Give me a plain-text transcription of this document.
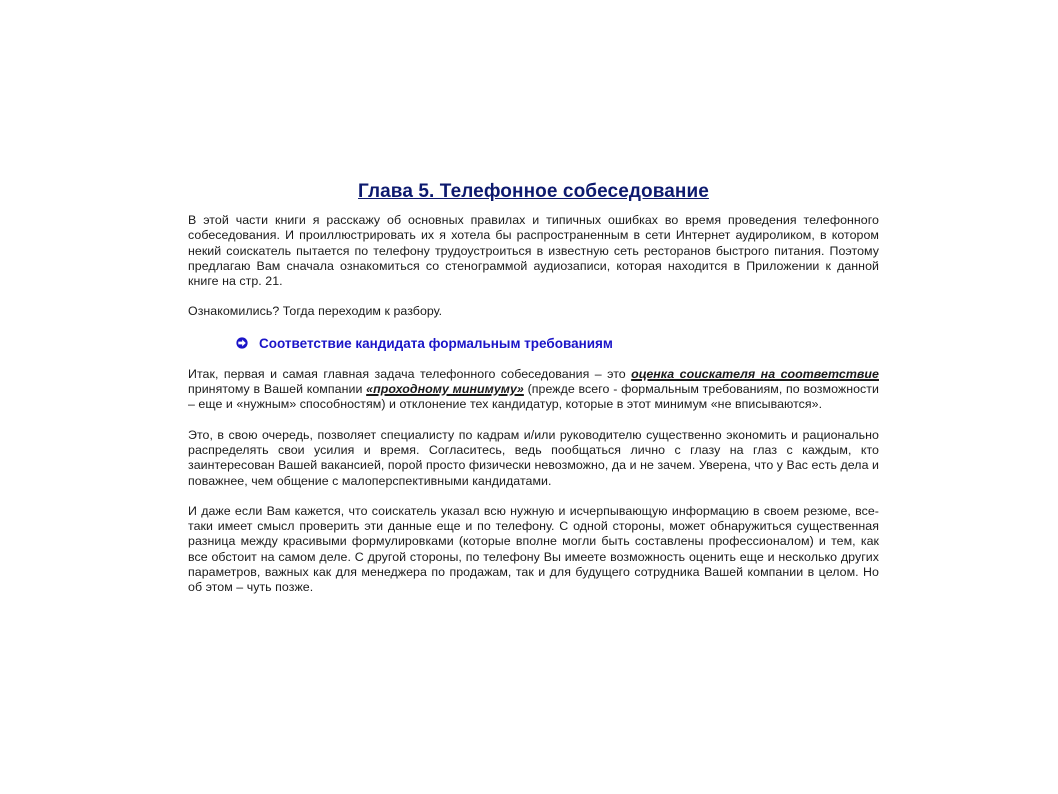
Глава 5. Телефонное собеседование

В этой части книги я расскажу об основных правилах и типичных ошибках во время проведения телефонного собеседования. И проиллюстрировать их я хотела бы распространенным в сети Интернет аудироликом, в котором некий соискатель пытается по телефону трудоустроиться в известную сеть ресторанов быстрого питания. Поэтому предлагаю Вам сначала ознакомиться со стенограммой аудиозаписи, которая находится в Приложении к данной книге на стр. 21.

Ознакомились? Тогда переходим к разбору.

Соответствие кандидата формальным требованиям

Итак, первая и самая главная задача телефонного собеседования – это оценка соискателя на соответствие принятому в Вашей компании «проходному минимуму» (прежде всего - формальным требованиям, по возможности – еще и «нужным» способностям) и отклонение тех кандидатур, которые в этот минимум «не вписываются».

Это, в свою очередь, позволяет специалисту по кадрам и/или руководителю существенно экономить и рационально распределять свои усилия и время. Согласитесь, ведь пообщаться лично с глазу на глаз с каждым, кто заинтересован Вашей вакансией, порой просто физически невозможно, да и не зачем. Уверена, что у Вас есть дела и поважнее, чем общение с малоперспективными кандидатами.

И даже если Вам кажется, что соискатель указал всю нужную и исчерпывающую информацию в своем резюме, все-таки имеет смысл проверить эти данные еще и по телефону. С одной стороны, может обнаружиться существенная разница между красивыми формулировками (которые вполне могли быть составлены профессионалом) и тем, как все обстоит на самом деле. С другой стороны, по телефону Вы имеете возможность оценить еще и несколько других параметров, важных как для менеджера по продажам, так и для будущего сотрудника Вашей компании в целом. Но об этом – чуть позже.
